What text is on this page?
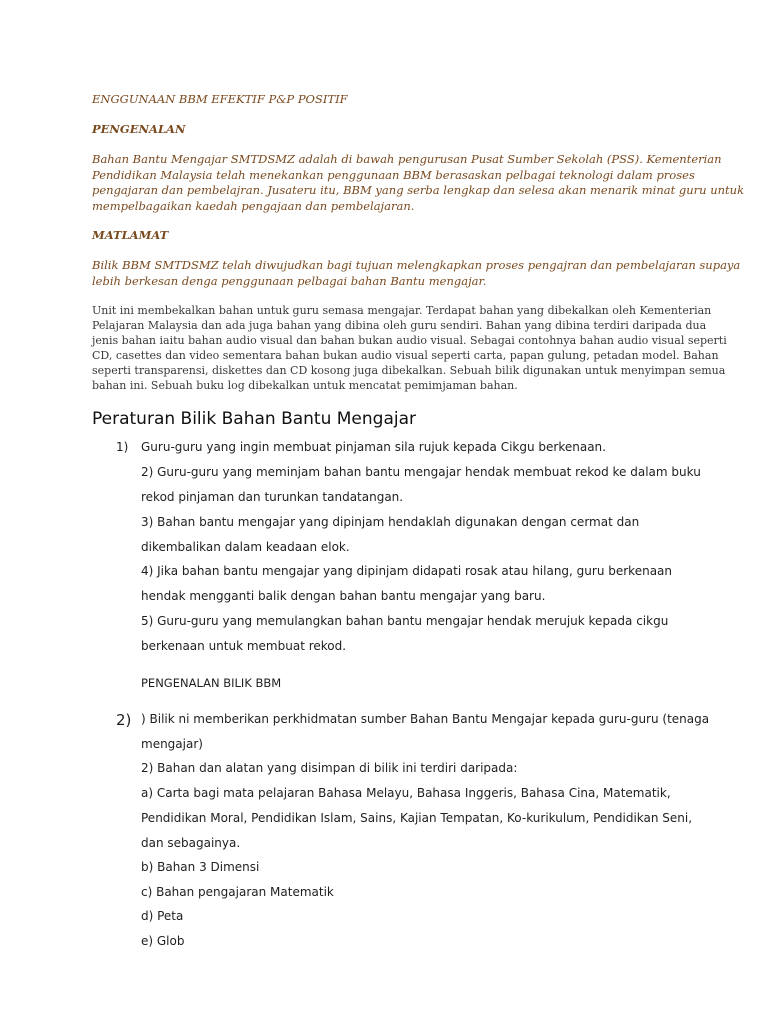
ENGGUNAAN BBM EFEKTIF P&P POSITIF
PENGENALAN
Bahan Bantu Mengajar SMTDSMZ adalah di bawah pengurusan Pusat Sumber Sekolah (PSS). Kementerian
Pendidikan Malaysia telah menekankan penggunaan BBM berasaskan pelbagai teknologi dalam proses
pengajaran dan pembelajran. Jusateru itu, BBM yang serba lengkap dan selesa akan menarik minat guru untuk
mempelbagaikan kaedah pengajaan dan pembelajaran.
MATLAMAT
Bilik BBM SMTDSMZ telah diwujudkan bagi tujuan melengkapkan proses pengajran dan pembelajaran supaya
lebih berkesan denga penggunaan pelbagai bahan Bantu mengajar.
Unit ini membekalkan bahan untuk guru semasa mengajar. Terdapat bahan yang dibekalkan oleh Kementerian
Pelajaran Malaysia dan ada juga bahan yang dibina oleh guru sendiri. Bahan yang dibina terdiri daripada dua
jenis bahan iaitu bahan audio visual dan bahan bukan audio visual. Sebagai contohnya bahan audio visual seperti
CD, casettes dan video sementara bahan bukan audio visual seperti carta, papan gulung, petadan model. Bahan
seperti transparensi, diskettes dan CD kosong juga dibekalkan. Sebuah bilik digunakan untuk menyimpan semua
bahan ini. Sebuah buku log dibekalkan untuk mencatat pemimjaman bahan.
Peraturan Bilik Bahan Bantu Mengajar
1) Guru-guru yang ingin membuat pinjaman sila rujuk kepada Cikgu berkenaan.
2) Guru-guru yang meminjam bahan bantu mengajar hendak membuat rekod ke dalam buku
rekod pinjaman dan turunkan tandatangan.
3) Bahan bantu mengajar yang dipinjam hendaklah digunakan dengan cermat dan
dikembalikan dalam keadaan elok.
4) Jika bahan bantu mengajar yang dipinjam didapati rosak atau hilang, guru berkenaan
hendak mengganti balik dengan bahan bantu mengajar yang baru.
5) Guru-guru yang memulangkan bahan bantu mengajar hendak merujuk kepada cikgu
berkenaan untuk membuat rekod.
PENGENALAN BILIK BBM
2) ) Bilik ni memberikan perkhidmatan sumber Bahan Bantu Mengajar kepada guru-guru (tenaga
mengajar)
2) Bahan dan alatan yang disimpan di bilik ini terdiri daripada:
a) Carta bagi mata pelajaran Bahasa Melayu, Bahasa Inggeris, Bahasa Cina, Matematik,
Pendidikan Moral, Pendidikan Islam, Sains, Kajian Tempatan, Ko-kurikulum, Pendidikan Seni,
dan sebagainya.
b) Bahan 3 Dimensi
c) Bahan pengajaran Matematik
d) Peta
e) Glob
